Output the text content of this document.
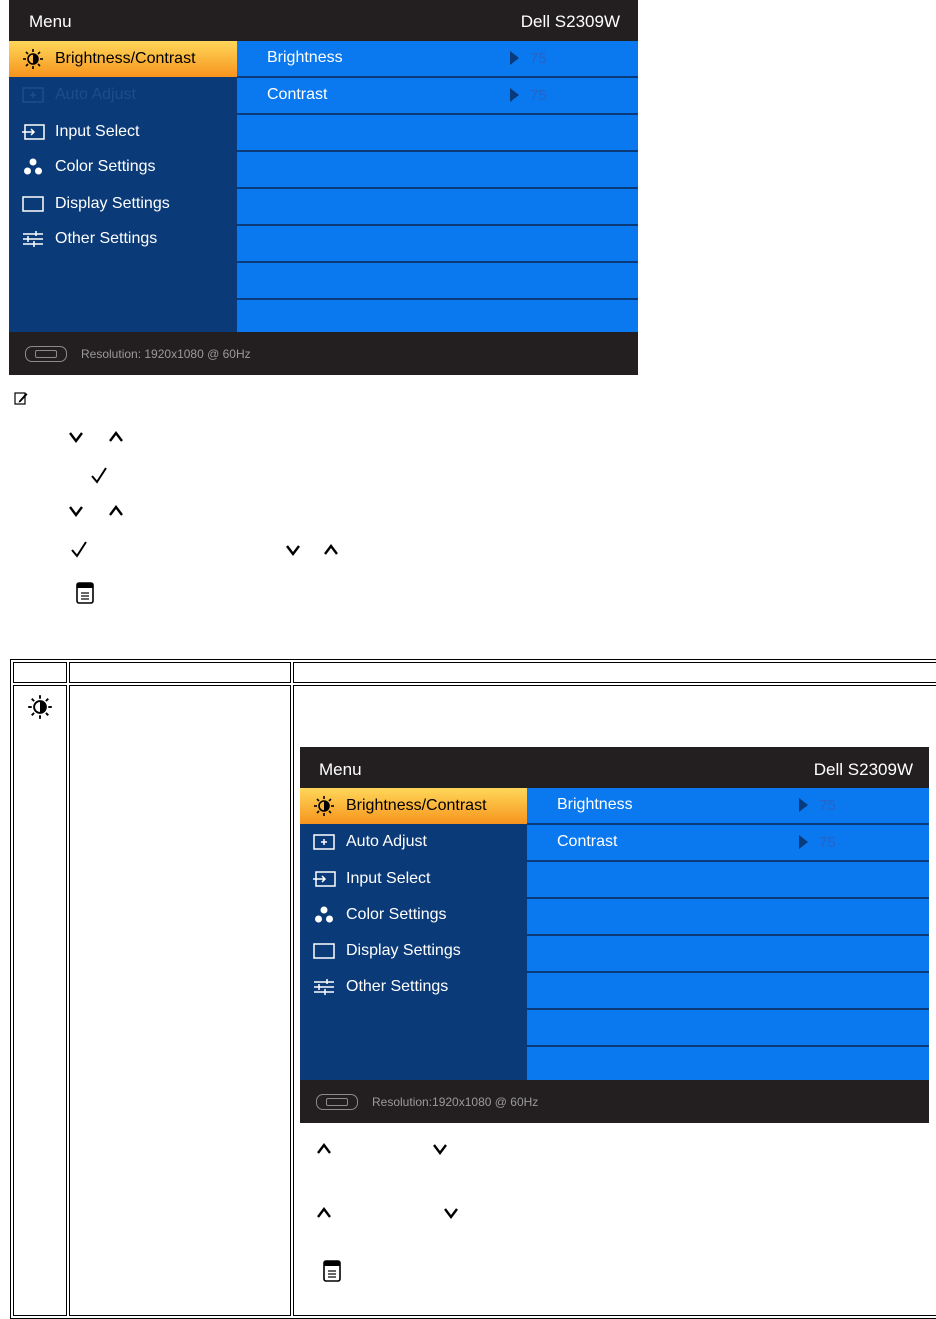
Menu	Dell S2309W
Brightness/Contrast
Auto Adjust
Input Select
Color Settings
Display Settings
Other Settings
Brightness	75
Contrast	75
Resolution: 1920x1080 @ 60Hz

Menu	Dell S2309W
Brightness/Contrast
Auto Adjust
Input Select
Color Settings
Display Settings
Other Settings
Brightness	75
Contrast	75
Resolution:1920x1080 @ 60Hz
